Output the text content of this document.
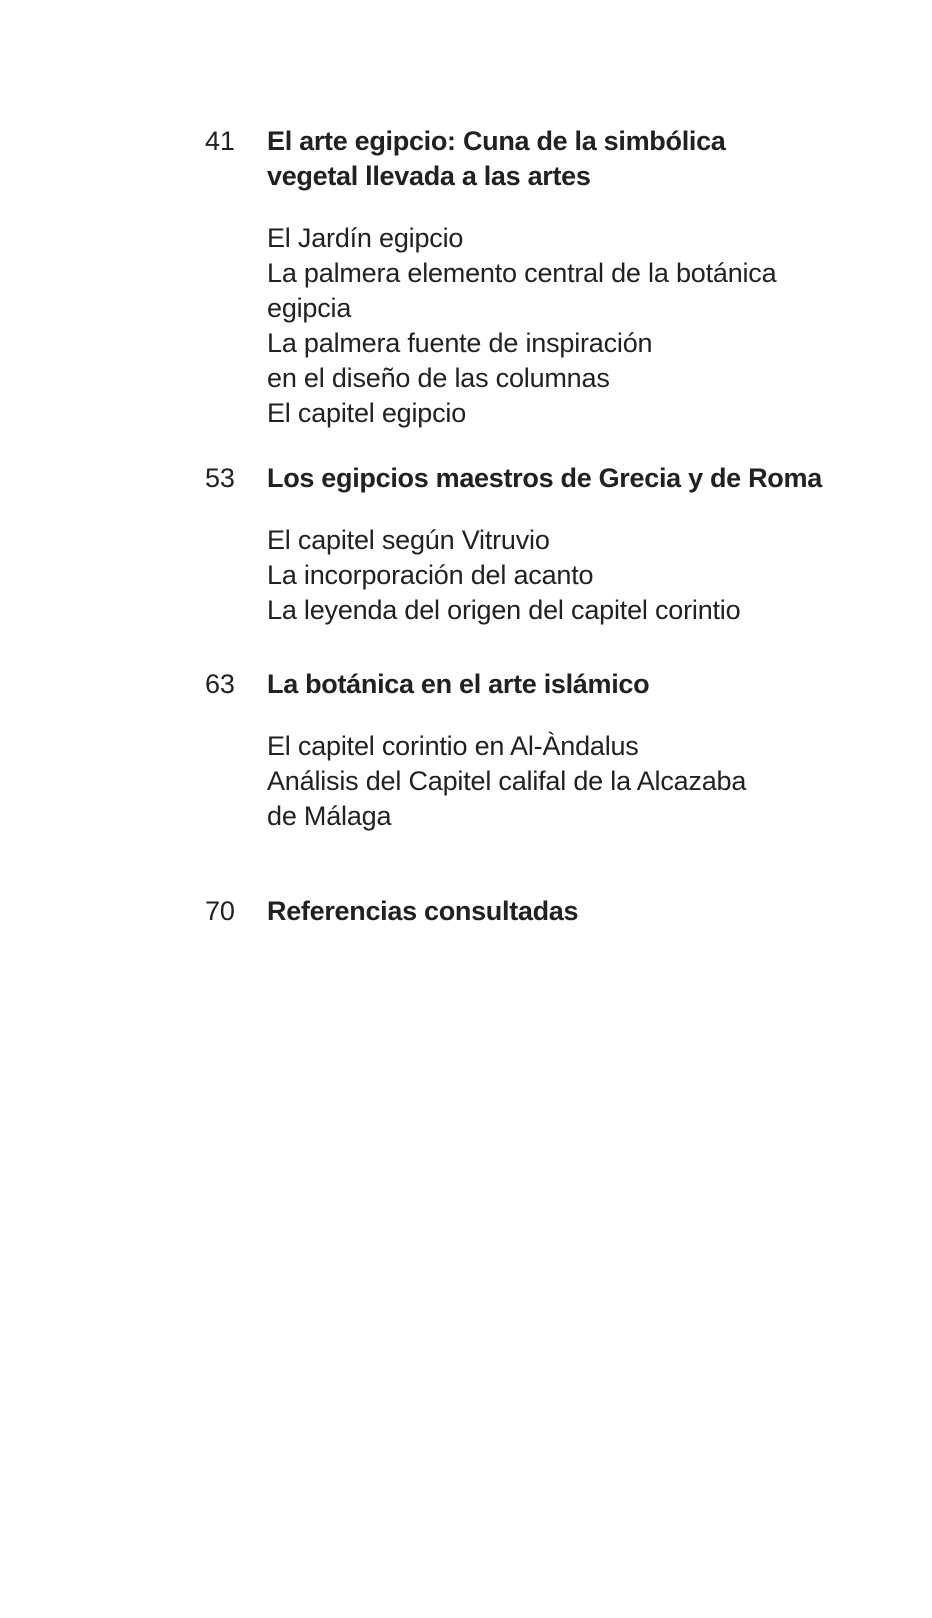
41	El arte egipcio: Cuna de la simbólica
vegetal llevada a las artes
El Jardín egipcio
La palmera elemento central de la botánica
egipcia
La palmera fuente de inspiración
en el diseño de las columnas
El capitel egipcio
53	Los egipcios maestros de Grecia y de Roma
El capitel según Vitruvio
La incorporación del acanto
La leyenda del origen del capitel corintio
63	La botánica en el arte islámico
El capitel corintio en Al-Àndalus
Análisis del Capitel califal de la Alcazaba
de Málaga
70	Referencias consultadas
